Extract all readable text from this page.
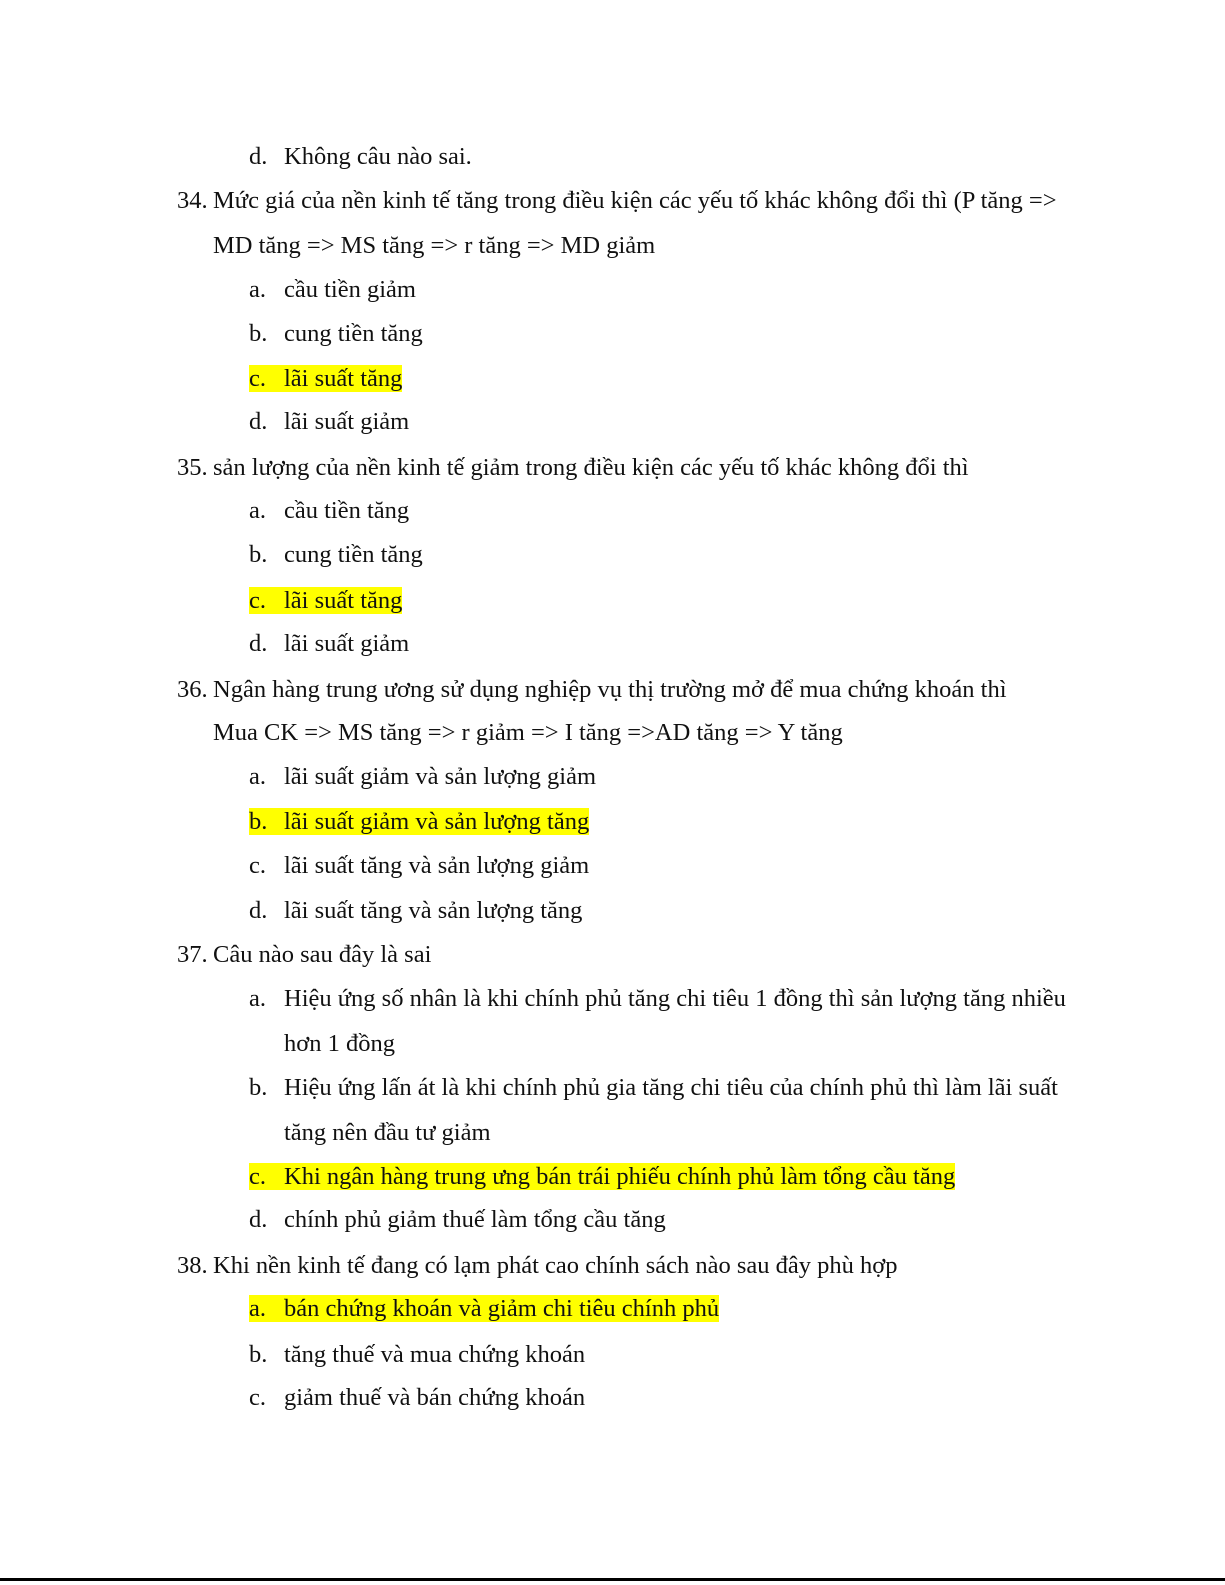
d. Không câu nào sai.
34. Mức giá của nền kinh tế tăng trong điều kiện các yếu tố khác không đổi thì (P tăng =>
MD tăng => MS tăng => r tăng => MD giảm
a. cầu tiền giảm
b. cung tiền tăng
c. lãi suất tăng
d. lãi suất giảm
35. sản lượng của nền kinh tế giảm trong điều kiện các yếu tố khác không đổi thì
a. cầu tiền tăng
b. cung tiền tăng
c. lãi suất tăng
d. lãi suất giảm
36. Ngân hàng trung ương sử dụng nghiệp vụ thị trường mở để mua chứng khoán thì
Mua CK => MS tăng => r giảm => I tăng =>AD tăng => Y tăng
a. lãi suất giảm và sản lượng giảm
b. lãi suất giảm và sản lượng tăng
c. lãi suất tăng và sản lượng giảm
d. lãi suất tăng và sản lượng tăng
37. Câu nào sau đây là sai
a. Hiệu ứng số nhân là khi chính phủ tăng chi tiêu 1 đồng thì sản lượng tăng nhiều
hơn 1 đồng
b. Hiệu ứng lấn át là khi chính phủ gia tăng chi tiêu của chính phủ thì làm lãi suất
tăng nên đầu tư giảm
c. Khi ngân hàng trung ưng bán trái phiếu chính phủ làm tổng cầu tăng
d. chính phủ giảm thuế làm tổng cầu tăng
38. Khi nền kinh tế đang có lạm phát cao chính sách nào sau đây phù hợp
a. bán chứng khoán và giảm chi tiêu chính phủ
b. tăng thuế và mua chứng khoán
c. giảm thuế và bán chứng khoán
